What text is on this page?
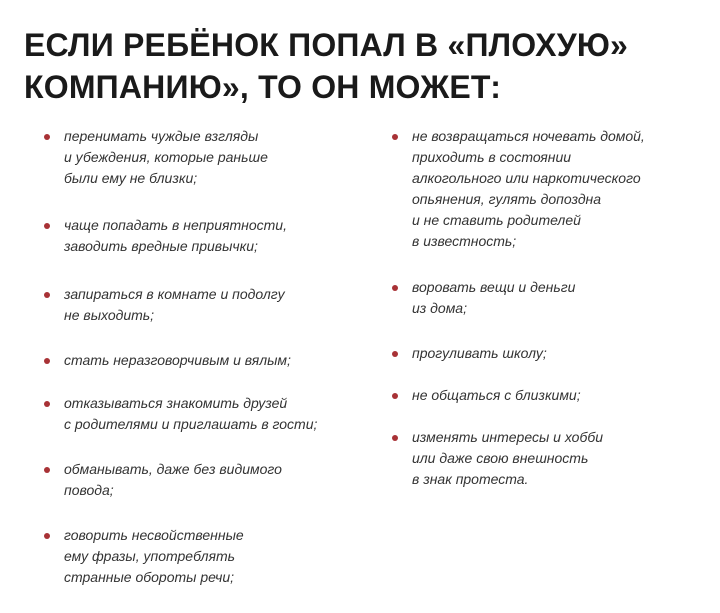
ЕСЛИ РЕБЁНОК ПОПАЛ В «ПЛОХУЮ»
КОМПАНИЮ», ТО ОН МОЖЕТ:
перенимать чуждые взгляды
и убеждения, которые раньше
были ему не близки;
чаще попадать в неприятности,
заводить вредные привычки;
запираться в комнате и подолгу
не выходить;
стать неразговорчивым и вялым;
отказываться знакомить друзей
с родителями и приглашать в гости;
обманывать, даже без видимого
повода;
говорить несвойственные
ему фразы, употреблять
странные обороты речи;
не возвращаться ночевать домой,
приходить в состоянии
алкогольного или наркотического
опьянения, гулять допоздна
и не ставить родителей
в известность;
воровать вещи и деньги
из дома;
прогуливать школу;
не общаться с близкими;
изменять интересы и хобби
или даже свою внешность
в знак протеста.
